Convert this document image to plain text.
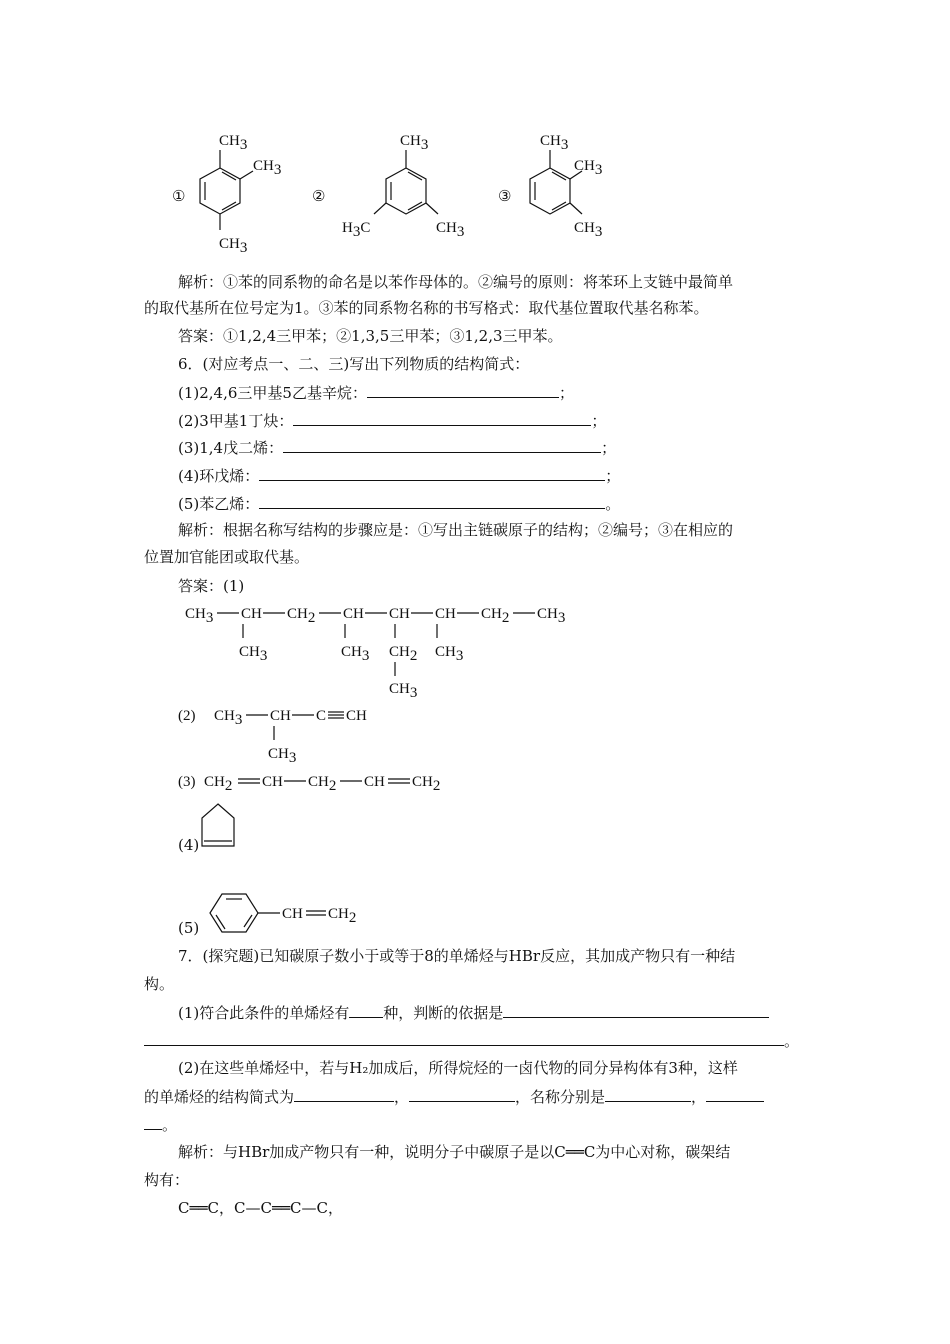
①
CH3
CH3
CH3
②
CH3
H3C	CH3
③
CH3
CH3
CH3
解析：①苯的同系物的命名是以苯作母体的。②编号的原则：将苯环上支链中最简单
的取代基所在位号定为1。③苯的同系物名称的书写格式：取代基位置取代基名称苯。
答案：①1,2,4三甲苯；②1,3,5三甲苯；③1,2,3三甲苯。
6．(对应考点一、二、三)写出下列物质的结构简式：
(1)2,4,6三甲基5乙基辛烷：	；
(2)3甲基1丁炔：	；
(3)1,4戊二烯：	；
(4)环戊烯：	；
(5)苯乙烯：	。
解析：根据名称写结构的步骤应是：①写出主链碳原子的结构；②编号；③在相应的
位置加官能团或取代基。
答案：(1)
CH3 CH CH2 CH CH CH CH2 CH3
CH3	CH3 CH2 CH3
CH3
(2) CH3 CH C CH
CH3
(3) CH2 CH CH2 CH CH2
(4)
(5)
CH CH2
7．(探究题)已知碳原子数小于或等于8的单烯烃与HBr反应，其加成产物只有一种结
构。
(1)符合此条件的单烯烃有 种，判断的依据是
。
(2)在这些单烯烃中，若与H₂加成后，所得烷烃的一卤代物的同分异构体有3种，这样
的单烯烃的结构简式为	，	，名称分别是	，
。
解析：与HBr加成产物只有一种，说明分子中碳原子是以C══C为中心对称，碳架结
构有：
C══C，C—C══C—C，
